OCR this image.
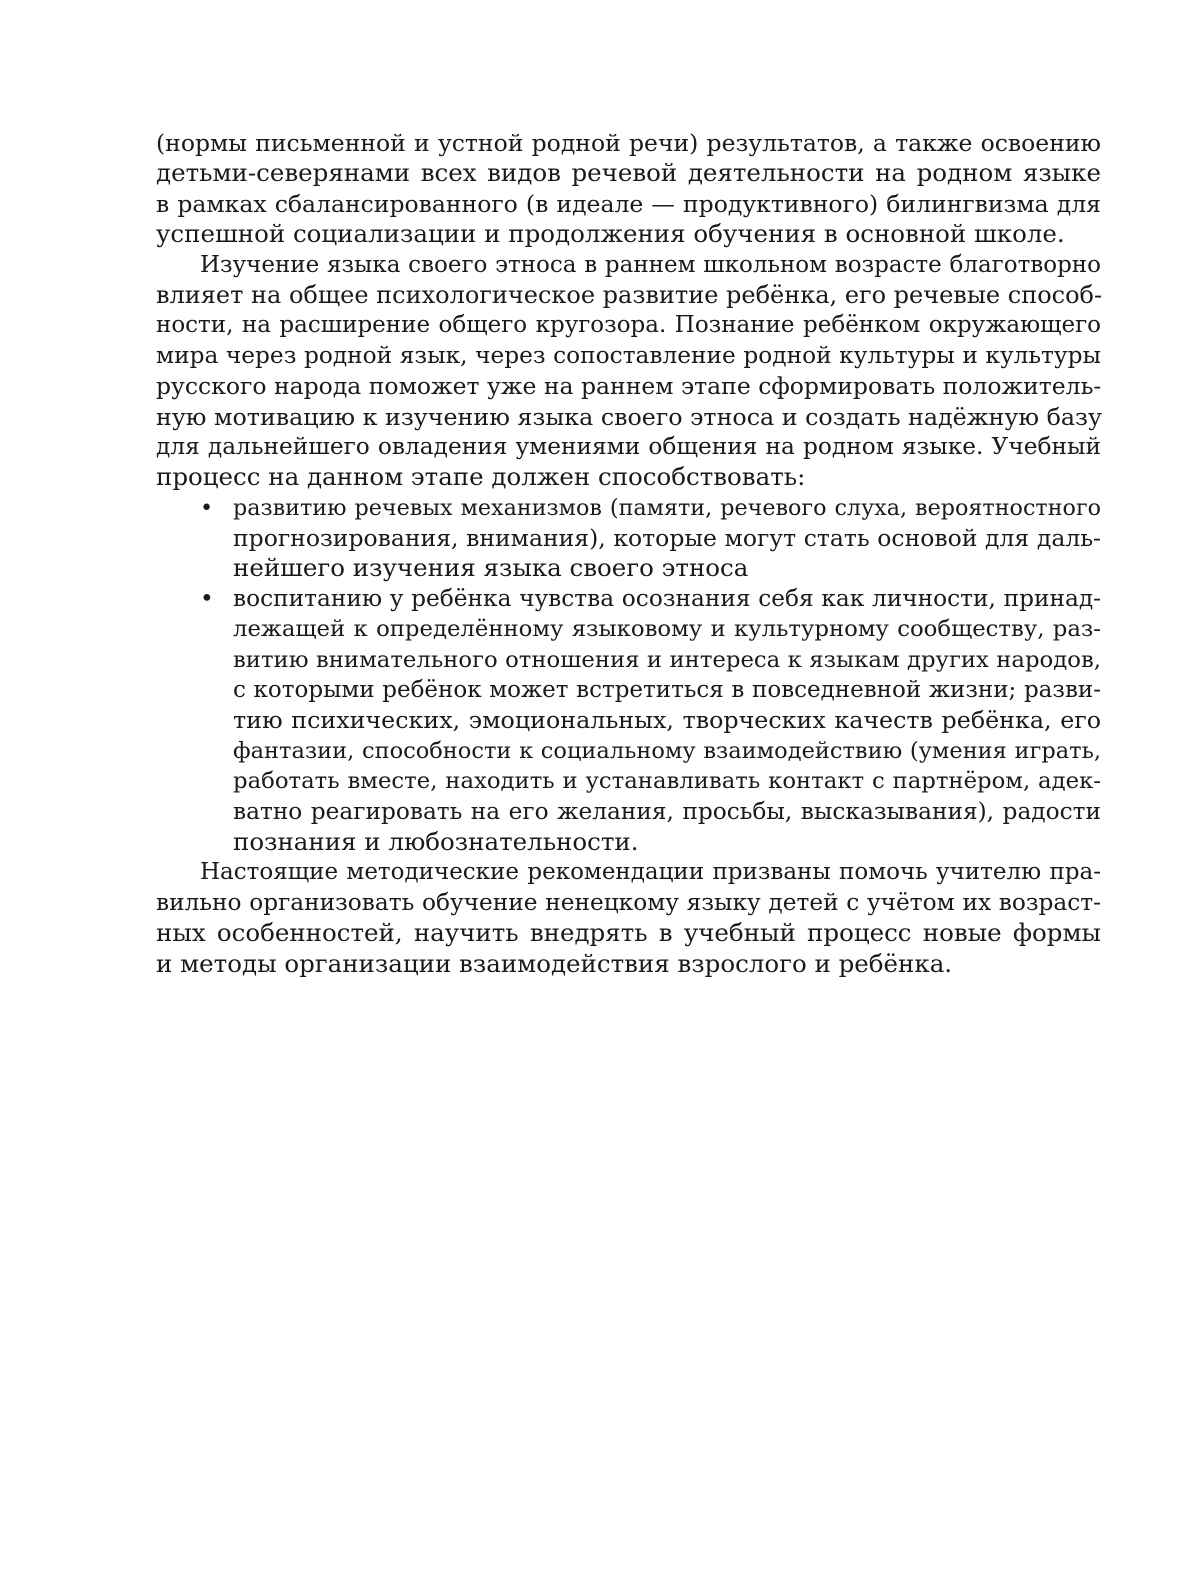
(нормы письменной и устной родной речи) результатов, а также освоению
детьми-северянами всех видов речевой деятельности на родном языке
в рамках сбалансированного (в идеале — продуктивного) билингвизма для
успешной социализации и продолжения обучения в основной школе.
Изучение языка своего этноса в раннем школьном возрасте благотворно
влияет на общее психологическое развитие ребёнка, его речевые способ-
ности, на расширение общего кругозора. Познание ребёнком окружающего
мира через родной язык, через сопоставление родной культуры и культуры
русского народа поможет уже на раннем этапе сформировать положитель-
ную мотивацию к изучению языка своего этноса и создать надёжную базу
для дальнейшего овладения умениями общения на родном языке. Учебный
процесс на данном этапе должен способствовать:
• развитию речевых механизмов (памяти, речевого слуха, вероятностного
прогнозирования, внимания), которые могут стать основой для даль-
нейшего изучения языка своего этноса
• воспитанию у ребёнка чувства осознания себя как личности, принад-
лежащей к определённому языковому и культурному сообществу, раз-
витию внимательного отношения и интереса к языкам других народов,
с которыми ребёнок может встретиться в повседневной жизни; разви-
тию психических, эмоциональных, творческих качеств ребёнка, его
фантазии, способности к социальному взаимодействию (умения играть,
работать вместе, находить и устанавливать контакт с партнёром, адек-
ватно реагировать на его желания, просьбы, высказывания), радости
познания и любознательности.
Настоящие методические рекомендации призваны помочь учителю пра-
вильно организовать обучение ненецкому языку детей с учётом их возраст-
ных особенностей, научить внедрять в учебный процесс новые формы
и методы организации взаимодействия взрослого и ребёнка.
